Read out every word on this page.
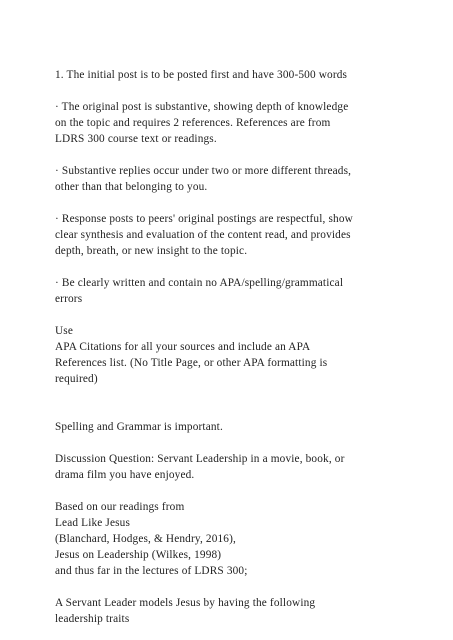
1. The initial post is to be posted first and have 300-500 words

· The original post is substantive, showing depth of knowledge
on the topic and requires 2 references. References are from
LDRS 300 course text or readings.

· Substantive replies occur under two or more different threads,
other than that belonging to you.

· Response posts to peers' original postings are respectful, show
clear synthesis and evaluation of the content read, and provides
depth, breath, or new insight to the topic.

· Be clearly written and contain no APA/spelling/grammatical
errors

Use
APA Citations for all your sources and include an APA
References list. (No Title Page, or other APA formatting is
required)

Spelling and Grammar is important.

Discussion Question: Servant Leadership in a movie, book, or
drama film you have enjoyed.

Based on our readings from
Lead Like Jesus
(Blanchard, Hodges, & Hendry, 2016),
Jesus on Leadership (Wilkes, 1998)
and thus far in the lectures of LDRS 300;

A Servant Leader models Jesus by having the following
leadership traits
